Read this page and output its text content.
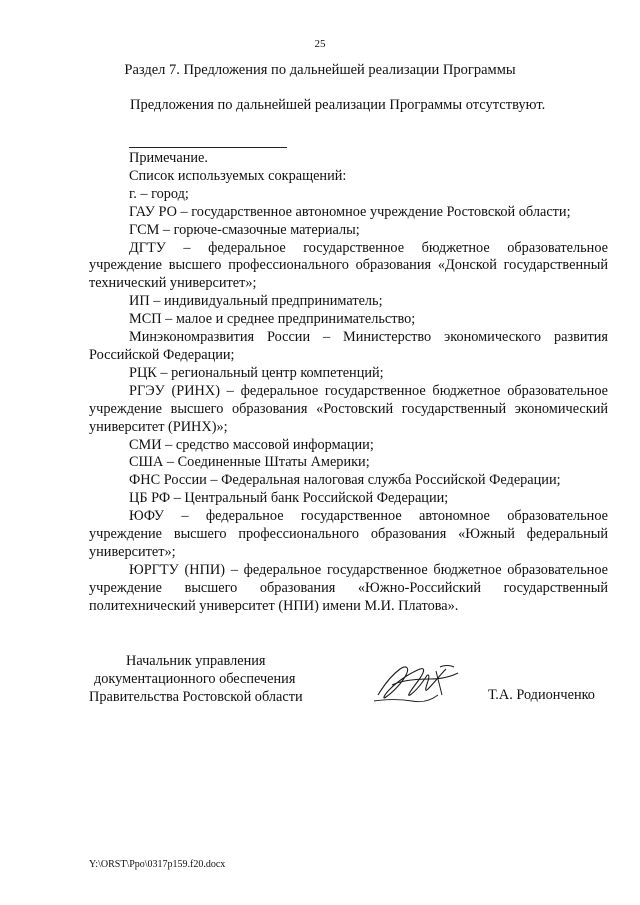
25
Раздел 7. Предложения по дальнейшей реализации Программы
Предложения по дальнейшей реализации Программы отсутствуют.

Примечание.

Список используемых сокращений:

г. – город;

ГАУ РО – государственное автономное учреждение Ростовской области;

ГСМ – горюче-смазочные материалы;

ДГТУ – федеральное государственное бюджетное образовательное учреждение высшего профессионального образования «Донской государственный технический университет»;

ИП – индивидуальный предприниматель;

МСП – малое и среднее предпринимательство;

Минэкономразвития России – Министерство экономического развития Российской Федерации;

РЦК – региональный центр компетенций;

РГЭУ (РИНХ) – федеральное государственное бюджетное образовательное учреждение высшего образования «Ростовский государственный экономический университет (РИНХ)»;

СМИ – средство массовой информации;

США – Соединенные Штаты Америки;

ФНС России – Федеральная налоговая служба Российской Федерации;

ЦБ РФ – Центральный банк Российской Федерации;

ЮФУ – федеральное государственное автономное образовательное учреждение высшего профессионального образования «Южный федеральный университет»;

ЮРГТУ (НПИ) – федеральное государственное бюджетное образовательное учреждение высшего образования «Южно-Российский государственный политехнический университет (НПИ) имени М.И. Платова».

Начальник управления
документационного обеспечения
Правительства Ростовской области	Т.А. Родионченко
Y:\ORST\Ppo\0317p159.f20.docx
